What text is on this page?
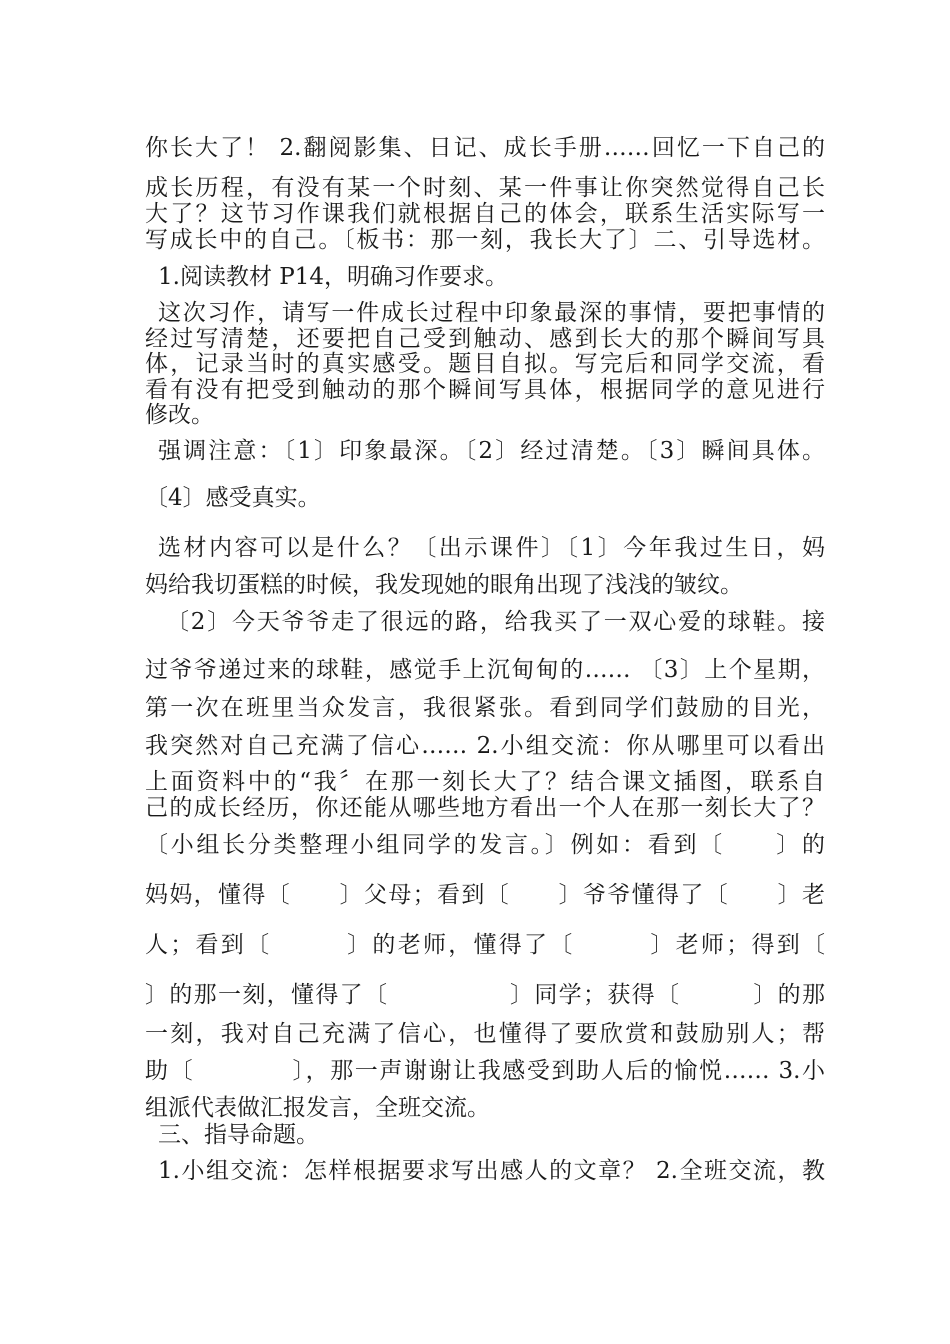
你长大了！ 2.翻阅影集、日记、成长手册……回忆一下自己的
成长历程，有没有某一个时刻、某一件事让你突然觉得自己长
大了？这节习作课我们就根据自己的体会，联系生活实际写一
写成长中的自己。〔板书：那一刻，我长大了〕二、引导选材。
1.阅读教材 P14，明确习作要求。
这次习作，请写一件成长过程中印象最深的事情，要把事情的
经过写清楚，还要把自己受到触动、感到长大的那个瞬间写具
体，记录当时的真实感受。题目自拟。写完后和同学交流，看
看有没有把受到触动的那个瞬间写具体，根据同学的意见进行
修改。
强调注意：〔1〕印象最深。〔2〕经过清楚。〔3〕瞬间具体。
〔4〕感受真实。
选材内容可以是什么？〔出示课件〕〔1〕今年我过生日，妈
妈给我切蛋糕的时候，我发现她的眼角出现了浅浅的皱纹。
〔2〕今天爷爷走了很远的路，给我买了一双心爱的球鞋。接
过爷爷递过来的球鞋，感觉手上沉甸甸的…… 〔3〕上个星期，
第一次在班里当众发言，我很紧张。看到同学们鼓励的目光，
我突然对自己充满了信心…… 2.小组交流：你从哪里可以看出
上面资料中的“我〞在那一刻长大了？结合课文插图，联系自
己的成长经历，你还能从哪些地方看出一个人在那一刻长大了？
〔小组长分类整理小组同学的发言。〕例如：看到〔　　〕的
妈妈，懂得〔　　〕父母；看到〔　　〕爷爷懂得了〔　　〕老
人；看到〔　　　〕的老师，懂得了〔　　　〕老师；得到〔
〕的那一刻，懂得了〔　　　　　〕同学；获得〔　　　〕的那
一刻，我对自己充满了信心，也懂得了要欣赏和鼓励别人；帮
助〔　　　　〕，那一声谢谢让我感受到助人后的愉悦…… 3.小
组派代表做汇报发言，全班交流。
三、指导命题。
1.小组交流：怎样根据要求写出感人的文章？ 2.全班交流，教
